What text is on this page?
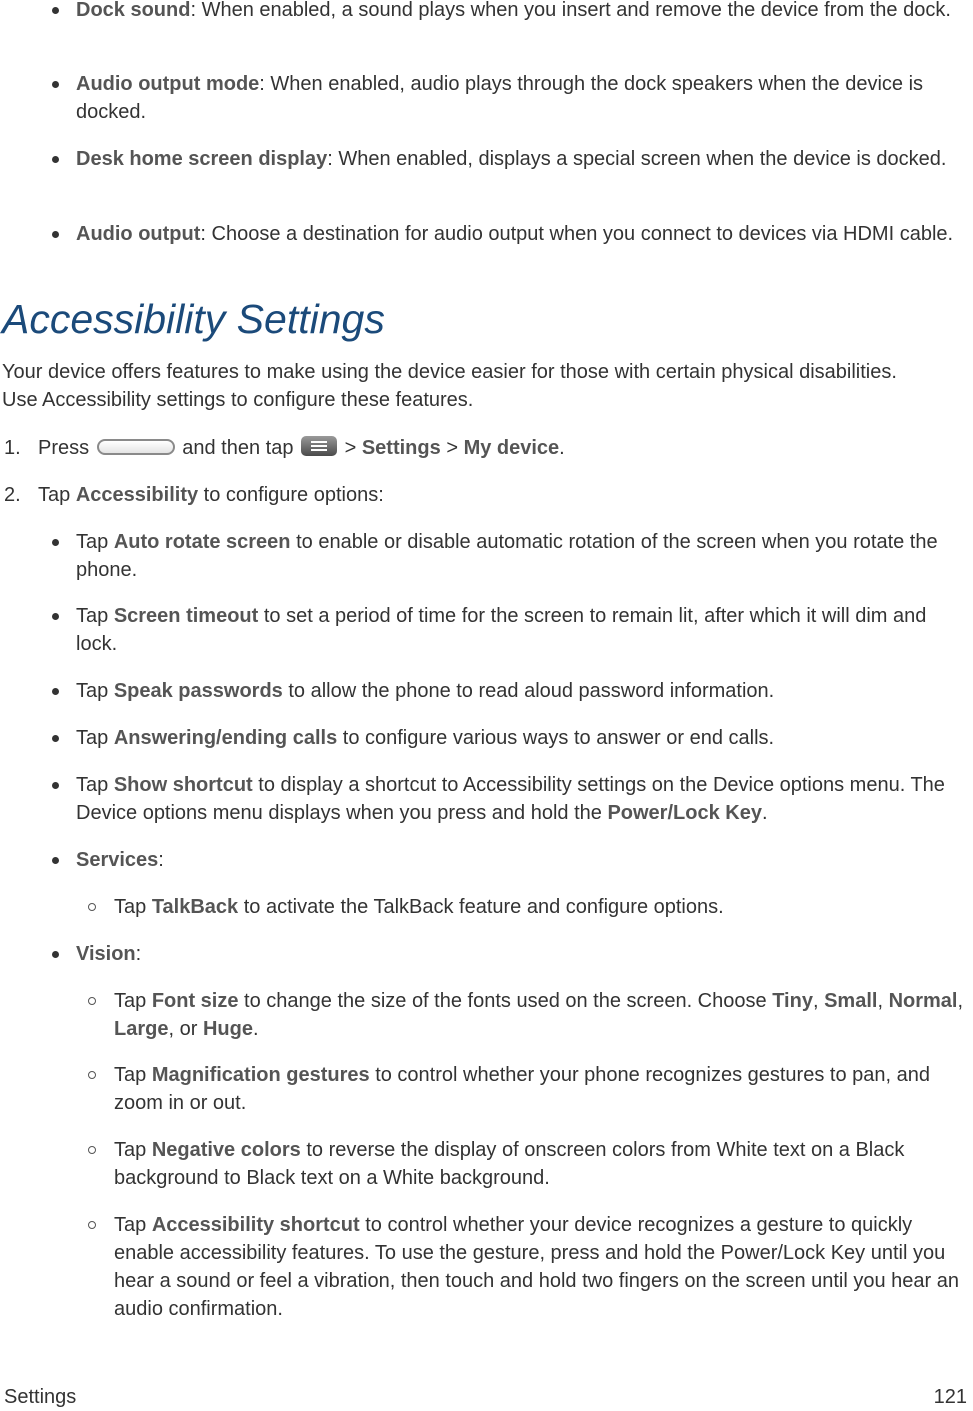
Dock sound: When enabled, a sound plays when you insert and remove the device from the dock.
Audio output mode: When enabled, audio plays through the dock speakers when the device is docked.
Desk home screen display: When enabled, displays a special screen when the device is docked.
Audio output: Choose a destination for audio output when you connect to devices via HDMI cable.
Accessibility Settings

Your device offers features to make using the device easier for those with certain physical disabilities. Use Accessibility settings to configure these features.

1. Press	and then tap	> Settings > My device.
2. Tap Accessibility to configure options:
Tap Auto rotate screen to enable or disable automatic rotation of the screen when you rotate the phone.
Tap Screen timeout to set a period of time for the screen to remain lit, after which it will dim and lock.
Tap Speak passwords to allow the phone to read aloud password information.
Tap Answering/ending calls to configure various ways to answer or end calls.
Tap Show shortcut to display a shortcut to Accessibility settings on the Device options menu. The Device options menu displays when you press and hold the Power/Lock Key.
Services:
Tap TalkBack to activate the TalkBack feature and configure options.
Vision:
Tap Font size to change the size of the fonts used on the screen. Choose Tiny, Small, Normal, Large, or Huge.
Tap Magnification gestures to control whether your phone recognizes gestures to pan, and zoom in or out.
Tap Negative colors to reverse the display of onscreen colors from White text on a Black background to Black text on a White background.
Tap Accessibility shortcut to control whether your device recognizes a gesture to quickly enable accessibility features. To use the gesture, press and hold the Power/Lock Key until you hear a sound or feel a vibration, then touch and hold two fingers on the screen until you hear an audio confirmation.
Settings	121
